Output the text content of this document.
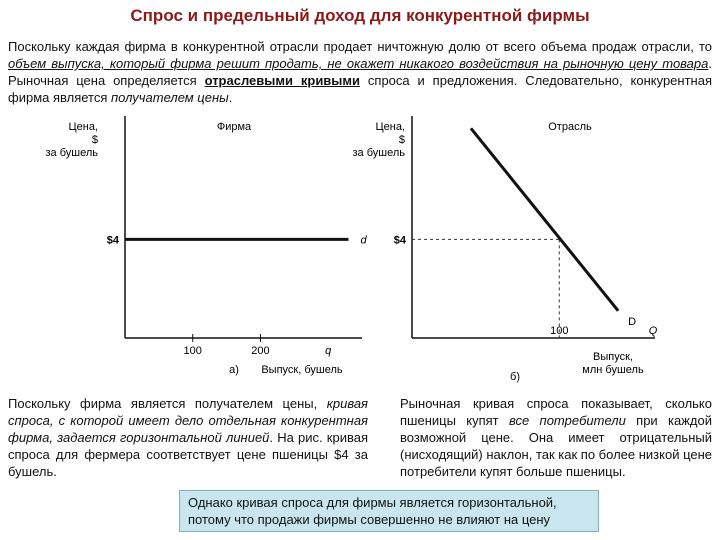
Спрос и предельный доход для конкурентной фирмы
Поскольку каждая фирма в конкурентной отрасли продает ничтожную долю от всего объема продаж отрасли, то объем выпуска, который фирма решит продать, не окажет никакого воздействия на рыночную цену товара. Рыночная цена определяется отраслевыми кривыми спроса и предложения. Следовательно, конкурентная фирма является получателем цены.
Цена,
$
за бушель
Фирма
d
$4
100	200	q
а) Выпуск, бушель
Цена,
$
за бушель
Отрасль
D
$4
100	Q
б)
Выпуск,
млн бушель
Поскольку фирма является получателем цены, кривая спроса, с которой имеет дело отдельная конкурентная фирма, задается горизонтальной линией. На рис. кривая спроса для фермера соответствует цене пшеницы $4 за бушель.
Рыночная кривая спроса показывает, сколько пшеницы купят все потребители при каждой возможной цене. Она имеет отрицательный (нисходящий) наклон, так как по более низкой цене потребители купят больше пшеницы.
Однако кривая спроса для фирмы является горизонтальной, потому что продажи фирмы совершенно не влияют на цену
